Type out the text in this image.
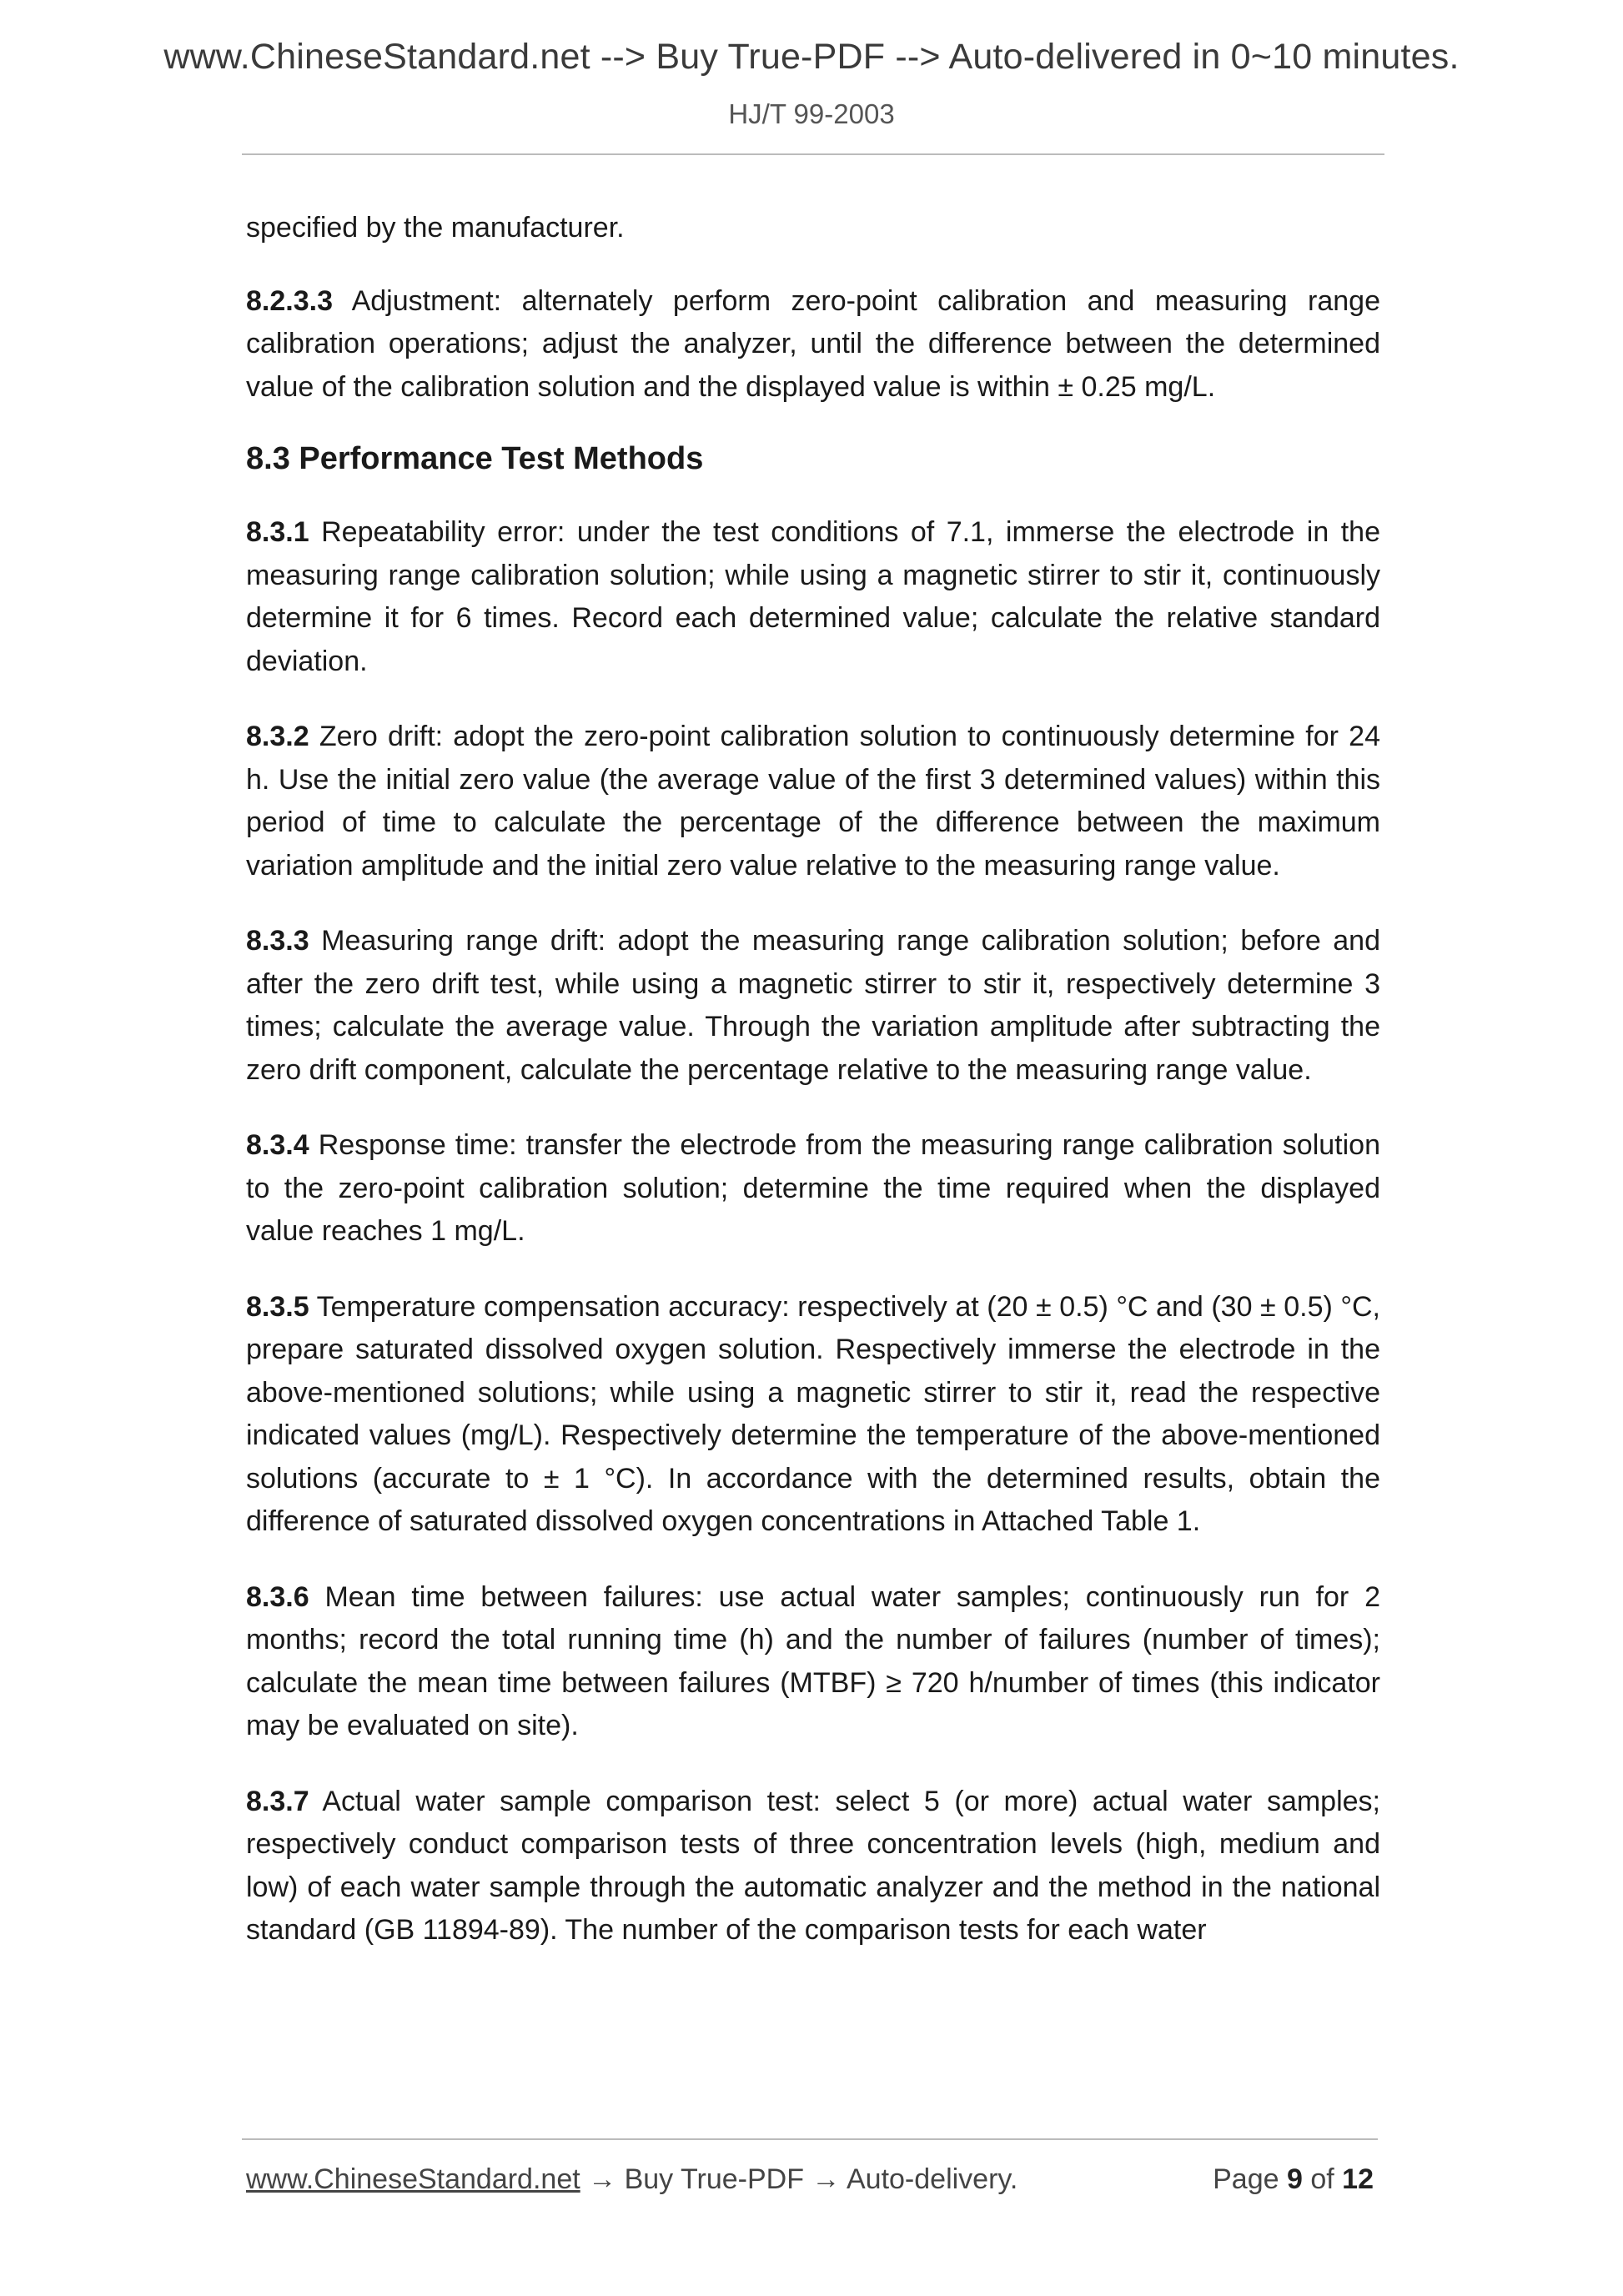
www.ChineseStandard.net --> Buy True-PDF --> Auto-delivered in 0~10 minutes.
HJ/T 99-2003

specified by the manufacturer.

8.2.3.3 Adjustment: alternately perform zero-point calibration and measuring range calibration operations; adjust the analyzer, until the difference between the determined value of the calibration solution and the displayed value is within ± 0.25 mg/L.

8.3 Performance Test Methods

8.3.1 Repeatability error: under the test conditions of 7.1, immerse the electrode in the measuring range calibration solution; while using a magnetic stirrer to stir it, continuously determine it for 6 times. Record each determined value; calculate the relative standard deviation.

8.3.2 Zero drift: adopt the zero-point calibration solution to continuously determine for 24 h. Use the initial zero value (the average value of the first 3 determined values) within this period of time to calculate the percentage of the difference between the maximum variation amplitude and the initial zero value relative to the measuring range value.

8.3.3 Measuring range drift: adopt the measuring range calibration solution; before and after the zero drift test, while using a magnetic stirrer to stir it, respectively determine 3 times; calculate the average value. Through the variation amplitude after subtracting the zero drift component, calculate the percentage relative to the measuring range value.

8.3.4 Response time: transfer the electrode from the measuring range calibration solution to the zero-point calibration solution; determine the time required when the displayed value reaches 1 mg/L.

8.3.5 Temperature compensation accuracy: respectively at (20 ± 0.5) °C and (30 ± 0.5) °C, prepare saturated dissolved oxygen solution. Respectively immerse the electrode in the above-mentioned solutions; while using a magnetic stirrer to stir it, read the respective indicated values (mg/L). Respectively determine the temperature of the above-mentioned solutions (accurate to ± 1 °C). In accordance with the determined results, obtain the difference of saturated dissolved oxygen concentrations in Attached Table 1.

8.3.6 Mean time between failures: use actual water samples; continuously run for 2 months; record the total running time (h) and the number of failures (number of times); calculate the mean time between failures (MTBF) ≥ 720 h/number of times (this indicator may be evaluated on site).

8.3.7 Actual water sample comparison test: select 5 (or more) actual water samples; respectively conduct comparison tests of three concentration levels (high, medium and low) of each water sample through the automatic analyzer and the method in the national standard (GB 11894-89). The number of the comparison tests for each water

www.ChineseStandard.net → Buy True-PDF → Auto-delivery.	Page 9 of 12
